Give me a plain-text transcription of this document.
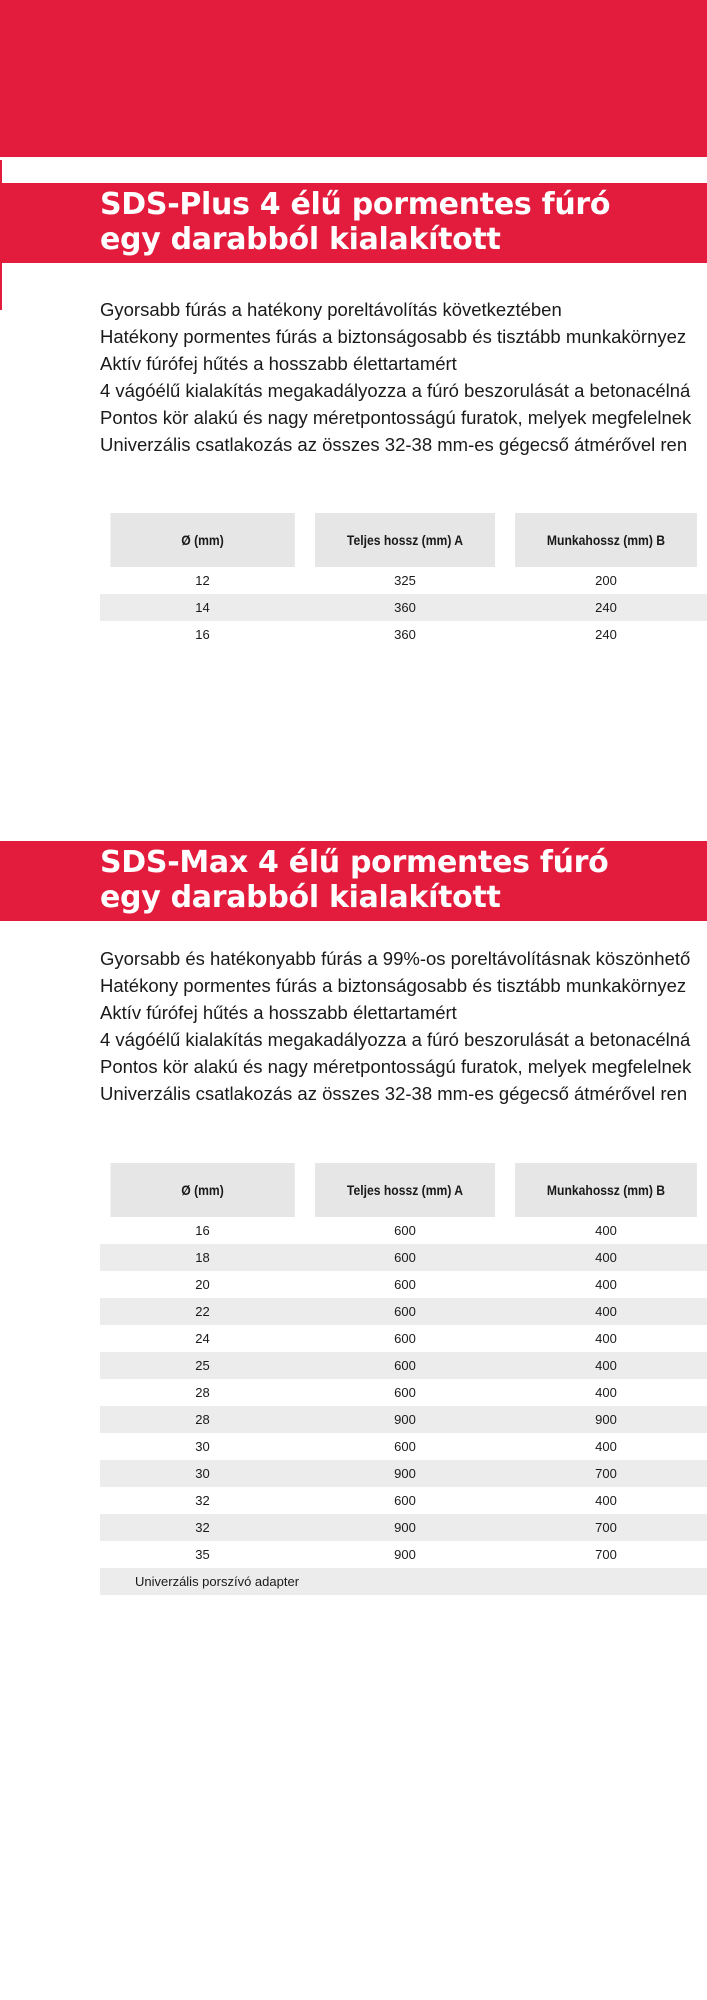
SDS-Plus 4 élű pormentes fúró
egy darabból kialakított
Gyorsabb fúrás a hatékony poreltávolítás következtében
Hatékony pormentes fúrás a biztonságosabb és tisztább munkakörnyez
Aktív fúrófej hűtés a hosszabb élettartamért
4 vágóélű kialakítás megakadályozza a fúró beszorulását a betonacélná
Pontos kör alakú és nagy méretpontosságú furatok, melyek megfelelnek
Univerzális csatlakozás az összes 32-38 mm-es gégecső átmérővel ren
Ø (mm)	Teljes hossz (mm) A	Munkahossz (mm) B
12	325	200
14	360	240
16	360	240
SDS-Max 4 élű pormentes fúró
egy darabból kialakított
Gyorsabb és hatékonyabb fúrás a 99%-os poreltávolításnak köszönhető
Hatékony pormentes fúrás a biztonságosabb és tisztább munkakörnyez
Aktív fúrófej hűtés a hosszabb élettartamért
4 vágóélű kialakítás megakadályozza a fúró beszorulását a betonacélná
Pontos kör alakú és nagy méretpontosságú furatok, melyek megfelelnek
Univerzális csatlakozás az összes 32-38 mm-es gégecső átmérővel ren
Ø (mm)	Teljes hossz (mm) A	Munkahossz (mm) B
16	600	400
18	600	400
20	600	400
22	600	400
24	600	400
25	600	400
28	600	400
28	900	900
30	600	400
30	900	700
32	600	400
32	900	700
35	900	700
Univerzális porszívó adapter		
